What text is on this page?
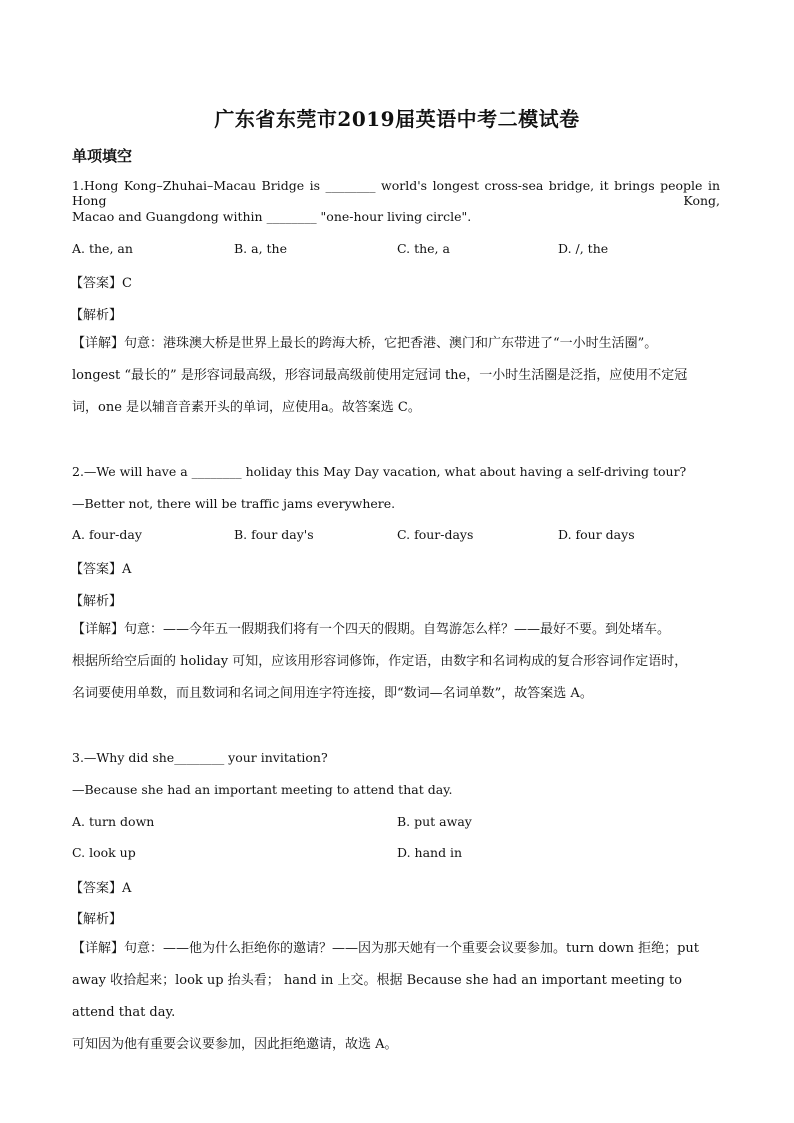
广东省东莞市2019届英语中考二模试卷
单项填空
1.Hong Kong–Zhuhai–Macau Bridge is ________ world's longest cross-sea bridge, it brings people in Hong Kong,
Macao and Guangdong within ________ "one-hour living circle".
A. the, an	B. a, the	C. the, a	D. /, the
【答案】C
【解析】
【详解】句意：港珠澳大桥是世界上最长的跨海大桥，它把香港、澳门和广东带进了“一小时生活圈”。
longest “最长的” 是形容词最高级，形容词最高级前使用定冠词 the，一小时生活圈是泛指，应使用不定冠
词，one 是以辅音音素开头的单词，应使用a。故答案选 C。
2.—We will have a ________ holiday this May Day vacation, what about having a self-driving tour?
—Better not, there will be traffic jams everywhere.
A. four-day	B. four day's	C. four-days	D. four days
【答案】A
【解析】
【详解】句意：——今年五一假期我们将有一个四天的假期。自驾游怎么样？——最好不要。到处堵车。
根据所给空后面的 holiday 可知，应该用形容词修饰，作定语，由数字和名词构成的复合形容词作定语时，
名词要使用单数，而且数词和名词之间用连字符连接，即“数词—名词单数”，故答案选 A。
3.—Why did she________ your invitation?
—Because she had an important meeting to attend that day.
A. turn down	B. put away
C. look up	D. hand in
【答案】A
【解析】
【详解】句意：——他为什么拒绝你的邀请？——因为那天她有一个重要会议要参加。turn down 拒绝；put
away 收拾起来；look up 抬头看； hand in 上交。根据 Because she had an important meeting to attend that day.
可知因为他有重要会议要参加，因此拒绝邀请，故选 A。
